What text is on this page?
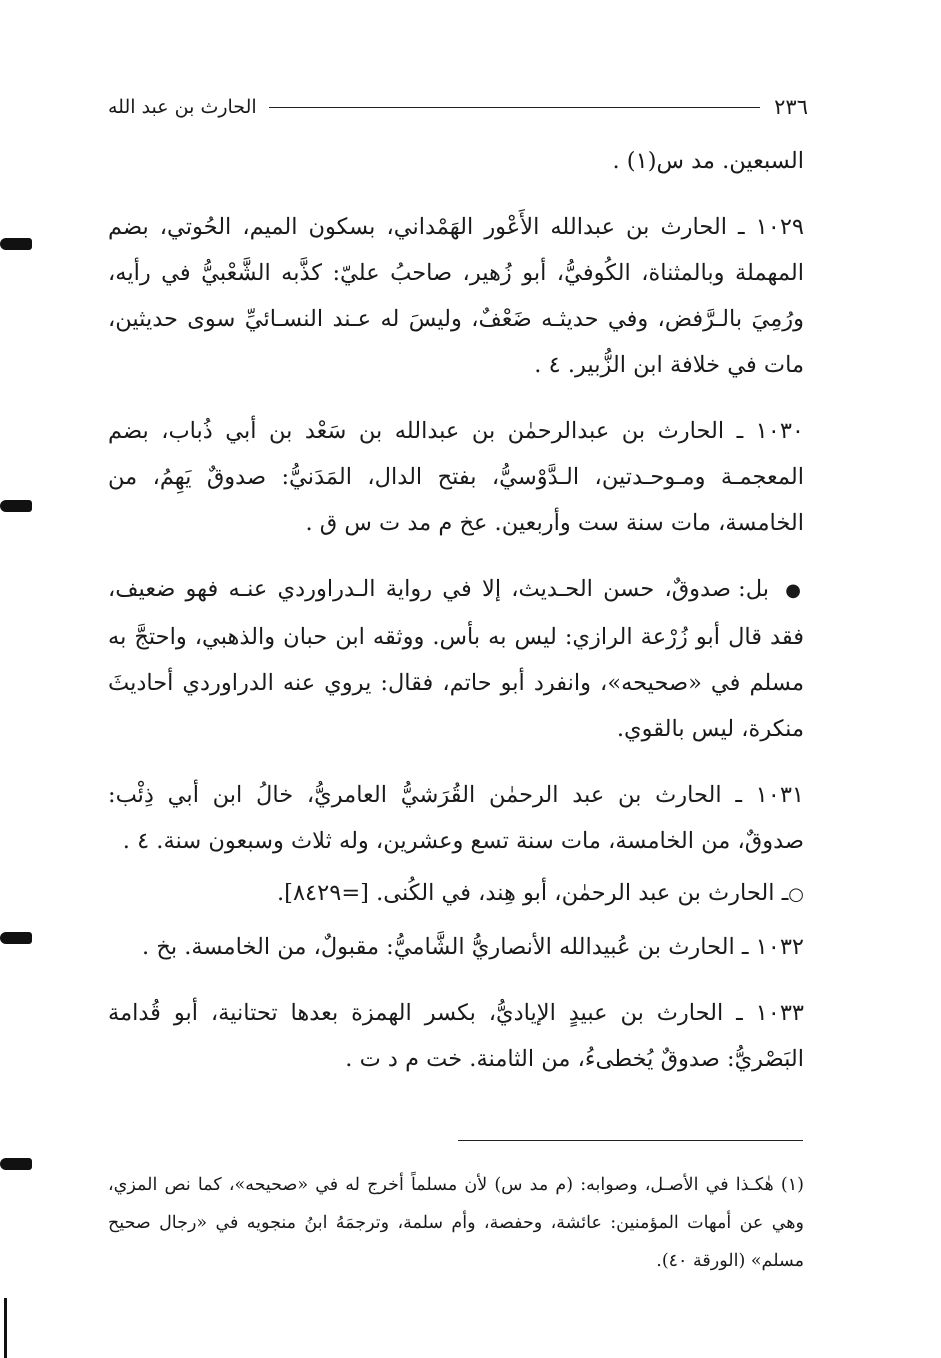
٢٣٦
الحارث بن عبد الله

السبعين. مد س(١) .

١٠٢٩ ـ الحارث بن عبدالله الأَعْور الهَمْداني، بسكون الميم، الحُوتي، بضم المهملة وبالمثناة، الكُوفيُّ، أبو زُهير، صاحبُ عليّ: كذَّبه الشَّعْبيُّ في رأيه، ورُمِيَ بالـرَّفض، وفي حديثـه ضَعْفٌ، وليسَ له عـند النسـائيِّ سوى حديثين، مات في خلافة ابن الزُّبير. ٤ .

١٠٣٠ ـ الحارث بن عبدالرحمٰن بن عبدالله بن سَعْد بن أبي ذُباب، بضم المعجمـة ومـوحـدتين، الـدَّوْسيُّ، بفتح الدال، المَدَنيُّ: صدوقٌ يَهِمُ، من الخامسة، مات سنة ست وأربعين. عخ م مد ت س ق .

● بل: صدوقٌ، حسن الحـديث، إلا في رواية الـدراوردي عنـه فهو ضعيف، فقد قال أبو زُرْعة الرازي: ليس به بأس. ووثقه ابن حبان والذهبي، واحتجَّ به مسلم في «صحيحه»، وانفرد أبو حاتم، فقال: يروي عنه الدراوردي أحاديثَ منكرة، ليس بالقوي.

١٠٣١ ـ الحارث بن عبد الرحمٰن القُرَشيُّ العامريُّ، خالُ ابن أبي ذِئْب: صدوقٌ، من الخامسة، مات سنة تسع وعشرين، وله ثلاث وسبعون سنة. ٤ .

○ـ الحارث بن عبد الرحمٰن، أبو هِند، في الكُنى. [=٨٤٢٩].

١٠٣٢ ـ الحارث بن عُبيدالله الأنصاريُّ الشَّاميُّ: مقبولٌ، من الخامسة. بخ .

١٠٣٣ ـ الحارث بن عبيدٍ الإياديُّ، بكسر الهمزة بعدها تحتانية، أبو قُدامة البَصْريُّ: صدوقٌ يُخطىءُ، من الثامنة. خت م د ت .

(١) هٰكـذا في الأصـل، وصوابه: (م مد س) لأن مسلماً أخرج له في «صحيحه»، كما نص المزي، وهي عن أمهات المؤمنين: عائشة، وحفصة، وأم سلمة، وترجمَهُ ابنُ منجويه في «رجال صحيح مسلم» (الورقة ٤٠).
